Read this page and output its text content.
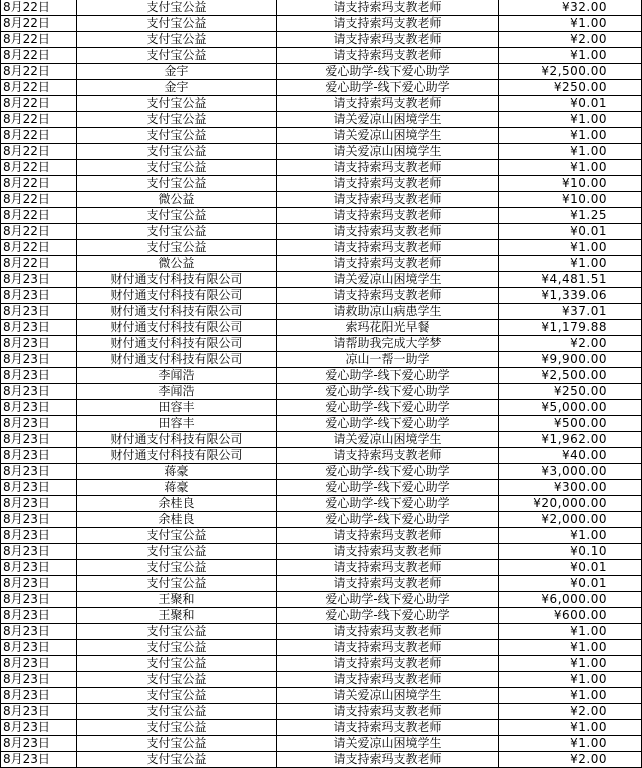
8月22日	支付宝公益	请支持索玛支教老师	¥32.00
8月22日	支付宝公益	请支持索玛支教老师	¥1.00
8月22日	支付宝公益	请支持索玛支教老师	¥2.00
8月22日	支付宝公益	请支持索玛支教老师	¥1.00
8月22日	金宇	爱心助学-线下爱心助学	¥2,500.00
8月22日	金宇	爱心助学-线下爱心助学	¥250.00
8月22日	支付宝公益	请支持索玛支教老师	¥0.01
8月22日	支付宝公益	请关爱凉山困境学生	¥1.00
8月22日	支付宝公益	请关爱凉山困境学生	¥1.00
8月22日	支付宝公益	请关爱凉山困境学生	¥1.00
8月22日	支付宝公益	请支持索玛支教老师	¥1.00
8月22日	支付宝公益	请支持索玛支教老师	¥10.00
8月22日	微公益	请支持索玛支教老师	¥10.00
8月22日	支付宝公益	请支持索玛支教老师	¥1.25
8月22日	支付宝公益	请支持索玛支教老师	¥0.01
8月22日	支付宝公益	请支持索玛支教老师	¥1.00
8月22日	微公益	请支持索玛支教老师	¥1.00
8月23日	财付通支付科技有限公司	请关爱凉山困境学生	¥4,481.51
8月23日	财付通支付科技有限公司	请支持索玛支教老师	¥1,339.06
8月23日	财付通支付科技有限公司	请救助凉山病患学生	¥37.01
8月23日	财付通支付科技有限公司	索玛花阳光早餐	¥1,179.88
8月23日	财付通支付科技有限公司	请帮助我完成大学梦	¥2.00
8月23日	财付通支付科技有限公司	凉山一帮一助学	¥9,900.00
8月23日	李闻浩	爱心助学-线下爱心助学	¥2,500.00
8月23日	李闻浩	爱心助学-线下爱心助学	¥250.00
8月23日	田容丰	爱心助学-线下爱心助学	¥5,000.00
8月23日	田容丰	爱心助学-线下爱心助学	¥500.00
8月23日	财付通支付科技有限公司	请关爱凉山困境学生	¥1,962.00
8月23日	财付通支付科技有限公司	请支持索玛支教老师	¥40.00
8月23日	蒋豪	爱心助学-线下爱心助学	¥3,000.00
8月23日	蒋豪	爱心助学-线下爱心助学	¥300.00
8月23日	余桂良	爱心助学-线下爱心助学	¥20,000.00
8月23日	余桂良	爱心助学-线下爱心助学	¥2,000.00
8月23日	支付宝公益	请支持索玛支教老师	¥1.00
8月23日	支付宝公益	请支持索玛支教老师	¥0.10
8月23日	支付宝公益	请支持索玛支教老师	¥0.01
8月23日	支付宝公益	请支持索玛支教老师	¥0.01
8月23日	王聚和	爱心助学-线下爱心助学	¥6,000.00
8月23日	王聚和	爱心助学-线下爱心助学	¥600.00
8月23日	支付宝公益	请支持索玛支教老师	¥1.00
8月23日	支付宝公益	请支持索玛支教老师	¥1.00
8月23日	支付宝公益	请支持索玛支教老师	¥1.00
8月23日	支付宝公益	请支持索玛支教老师	¥1.00
8月23日	支付宝公益	请关爱凉山困境学生	¥1.00
8月23日	支付宝公益	请支持索玛支教老师	¥2.00
8月23日	支付宝公益	请支持索玛支教老师	¥1.00
8月23日	支付宝公益	请关爱凉山困境学生	¥1.00
8月23日	支付宝公益	请支持索玛支教老师	¥2.00
